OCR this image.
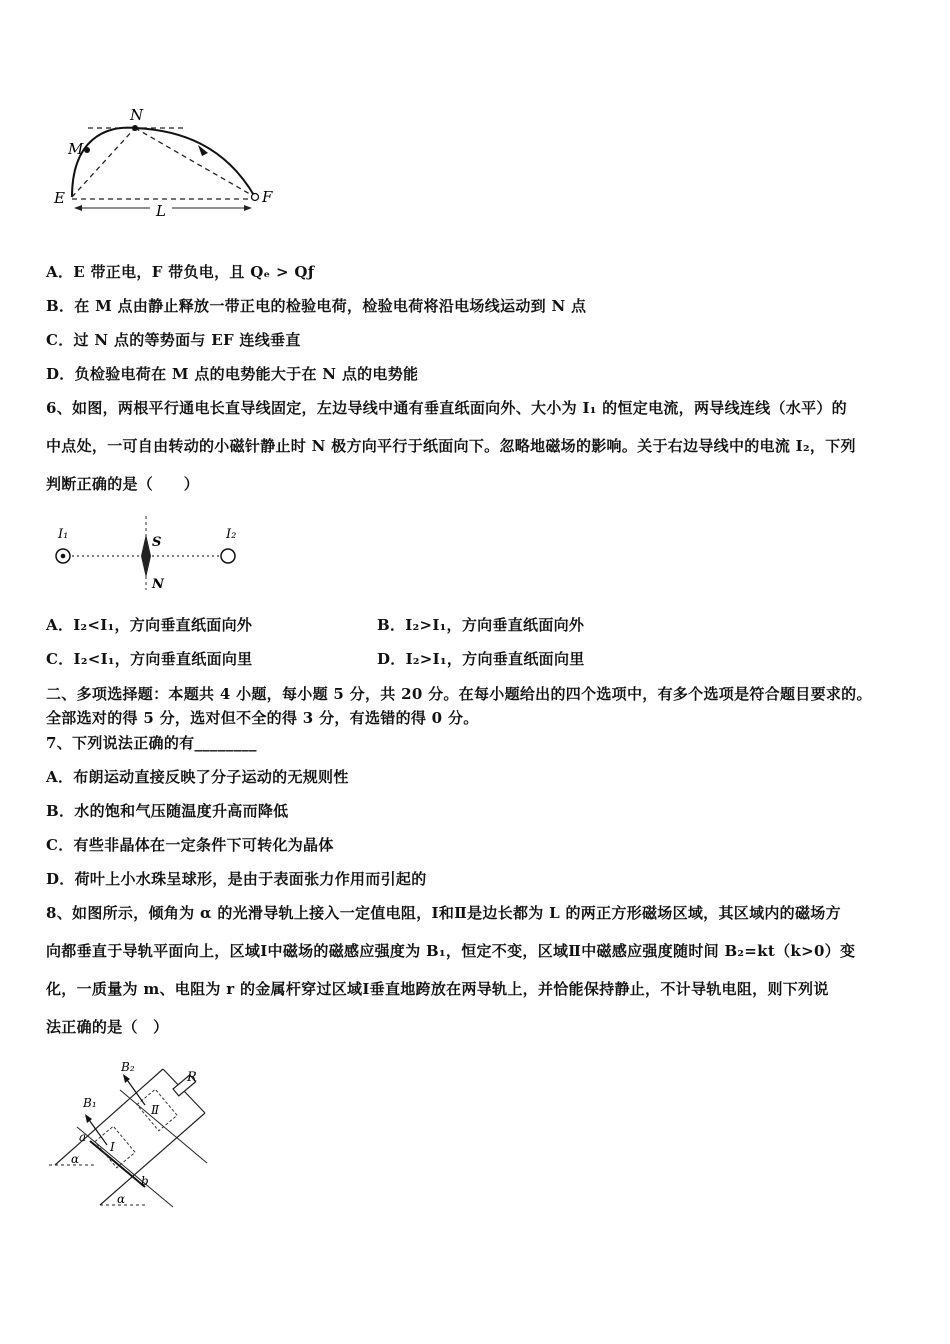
N
M
E	F
L
A．E 带正电，F 带负电，且 Qₑ > Qƒ
B．在 M 点由静止释放一带正电的检验电荷，检验电荷将沿电场线运动到 N 点
C．过 N 点的等势面与 EF 连线垂直
D．负检验电荷在 M 点的电势能大于在 N 点的电势能
6、如图，两根平行通电长直导线固定，左边导线中通有垂直纸面向外、大小为 I₁ 的恒定电流，两导线连线（水平）的
中点处，一可自由转动的小磁针静止时 N 极方向平行于纸面向下。忽略地磁场的影响。关于右边导线中的电流 I₂，下列
判断正确的是（　　）
I₁	I₂
S
N
A．I₂<I₁，方向垂直纸面向外	B．I₂>I₁，方向垂直纸面向外
C．I₂<I₁，方向垂直纸面向里	D．I₂>I₁，方向垂直纸面向里
二、多项选择题：本题共 4 小题，每小题 5 分，共 20 分。在每小题给出的四个选项中，有多个选项是符合题目要求的。
全部选对的得 5 分，选对但不全的得 3 分，有选错的得 0 分。
7、下列说法正确的有________
A．布朗运动直接反映了分子运动的无规则性
B．水的饱和气压随温度升高而降低
C．有些非晶体在一定条件下可转化为晶体
D．荷叶上小水珠呈球形，是由于表面张力作用而引起的
8、如图所示，倾角为 α 的光滑导轨上接入一定值电阻，Ⅰ和Ⅱ是边长都为 L 的两正方形磁场区域，其区域内的磁场方
向都垂直于导轨平面向上，区域Ⅰ中磁场的磁感应强度为 B₁，恒定不变，区域Ⅱ中磁感应强度随时间 B₂=kt（k>0）变
化，一质量为 m、电阻为 r 的金属杆穿过区域Ⅰ垂直地跨放在两导轨上，并恰能保持静止，不计导轨电阻，则下列说
法正确的是（　）
B₂
R
B₁
a
b
α
α
Ⅰ
Ⅱ
